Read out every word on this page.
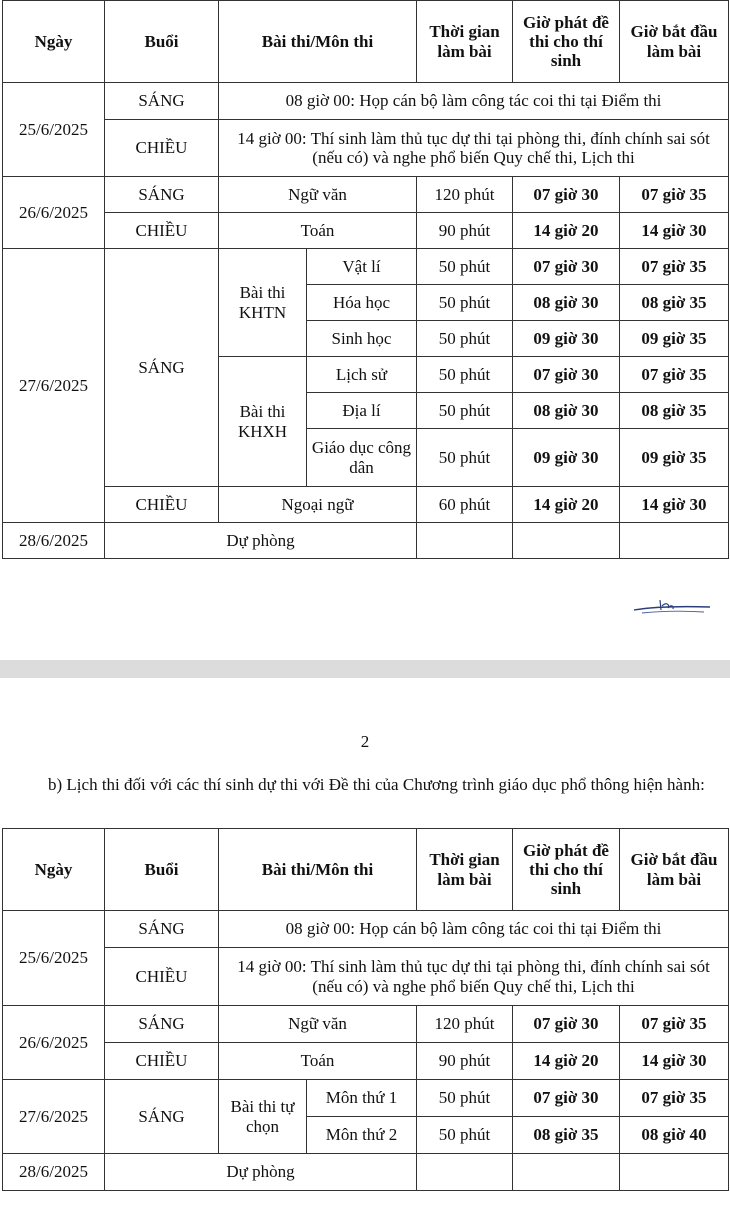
Ngày	Buổi	Bài thi/Môn thi		Thời gian làm bài	Giờ phát đề thi cho thí sinh	Giờ bắt đầu làm bài
25/6/2025	SÁNG	08 giờ 00: Họp cán bộ làm công tác coi thi tại Điểm thi				
	CHIỀU	14 giờ 00: Thí sinh làm thủ tục dự thi tại phòng thi, đính chính sai sót (nếu có) và nghe phổ biến Quy chế thi, Lịch thi				
26/6/2025	SÁNG	Ngữ văn		120 phút	07 giờ 30	07 giờ 35
	CHIỀU	Toán		90 phút	14 giờ 20	14 giờ 30
27/6/2025	SÁNG	Bài thi KHTN	Vật lí	50 phút	07 giờ 30	07 giờ 35
			Hóa học	50 phút	08 giờ 30	08 giờ 35
			Sinh học	50 phút	09 giờ 30	09 giờ 35
		Bài thi KHXH	Lịch sử	50 phút	07 giờ 30	07 giờ 35
			Địa lí	50 phút	08 giờ 30	08 giờ 35
			Giáo dục công dân	50 phút	09 giờ 30	09 giờ 35
	CHIỀU	Ngoại ngữ		60 phút	14 giờ 20	14 giờ 30
28/6/2025	Dự phòng					
2
b) Lịch thi đối với các thí sinh dự thi với Đề thi của Chương trình giáo dục phổ thông hiện hành:
Ngày	Buổi	Bài thi/Môn thi		Thời gian làm bài	Giờ phát đề thi cho thí sinh	Giờ bắt đầu làm bài
25/6/2025	SÁNG	08 giờ 00: Họp cán bộ làm công tác coi thi tại Điểm thi				
	CHIỀU	14 giờ 00: Thí sinh làm thủ tục dự thi tại phòng thi, đính chính sai sót (nếu có) và nghe phổ biến Quy chế thi, Lịch thi				
26/6/2025	SÁNG	Ngữ văn		120 phút	07 giờ 30	07 giờ 35
	CHIỀU	Toán		90 phút	14 giờ 20	14 giờ 30
27/6/2025	SÁNG	Bài thi tự chọn	Môn thứ 1	50 phút	07 giờ 30	07 giờ 35
			Môn thứ 2	50 phút	08 giờ 35	08 giờ 40
28/6/2025	Dự phòng					
